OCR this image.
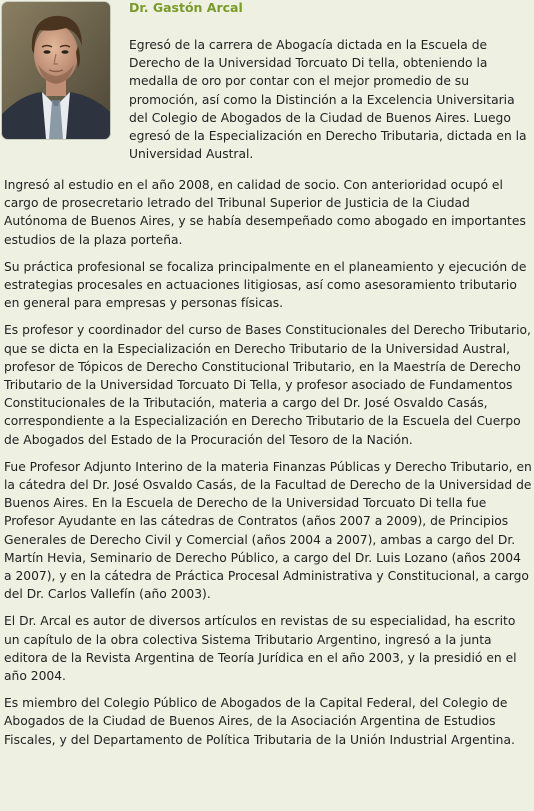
Dr. Gastón Arcal

Egresó de la carrera de Abogacía dictada en la Escuela de Derecho de la Universidad Torcuato Di tella, obteniendo la medalla de oro por contar con el mejor promedio de su promoción, así como la Distinción a la Excelencia Universitaria del Colegio de Abogados de la Ciudad de Buenos Aires. Luego egresó de la Especialización en Derecho Tributaria, dictada en la Universidad Austral.

Ingresó al estudio en el año 2008, en calidad de socio. Con anterioridad ocupó el cargo de prosecretario letrado del Tribunal Superior de Justicia de la Ciudad Autónoma de Buenos Aires, y se había desempeñado como abogado en importantes estudios de la plaza porteña.

Su práctica profesional se focaliza principalmente en el planeamiento y ejecución de estrategias procesales en actuaciones litigiosas, así como asesoramiento tributario en general para empresas y personas físicas.

Es profesor y coordinador del curso de Bases Constitucionales del Derecho Tributario, que se dicta en la Especialización en Derecho Tributario de la Universidad Austral, profesor de Tópicos de Derecho Constitucional Tributario, en la Maestría de Derecho Tributario de la Universidad Torcuato Di Tella, y profesor asociado de Fundamentos Constitucionales de la Tributación, materia a cargo del Dr. José Osvaldo Casás, correspondiente a la Especialización en Derecho Tributario de la Escuela del Cuerpo de Abogados del Estado de la Procuración del Tesoro de la Nación.

Fue Profesor Adjunto Interino de la materia Finanzas Públicas y Derecho Tributario, en la cátedra del Dr. José Osvaldo Casás, de la Facultad de Derecho de la Universidad de Buenos Aires. En la Escuela de Derecho de la Universidad Torcuato Di tella fue Profesor Ayudante en las cátedras de Contratos (años 2007 a 2009), de Principios Generales de Derecho Civil y Comercial (años 2004 a 2007), ambas a cargo del Dr. Martín Hevia, Seminario de Derecho Público, a cargo del Dr. Luis Lozano (años 2004 a 2007), y en la cátedra de Práctica Procesal Administrativa y Constitucional, a cargo del Dr. Carlos Vallefín (año 2003).

El Dr. Arcal es autor de diversos artículos en revistas de su especialidad, ha escrito un capítulo de la obra colectiva Sistema Tributario Argentino, ingresó a la junta editora de la Revista Argentina de Teoría Jurídica en el año 2003, y la presidió en el año 2004.

Es miembro del Colegio Público de Abogados de la Capital Federal, del Colegio de Abogados de la Ciudad de Buenos Aires, de la Asociación Argentina de Estudios Fiscales, y del Departamento de Política Tributaria de la Unión Industrial Argentina.
